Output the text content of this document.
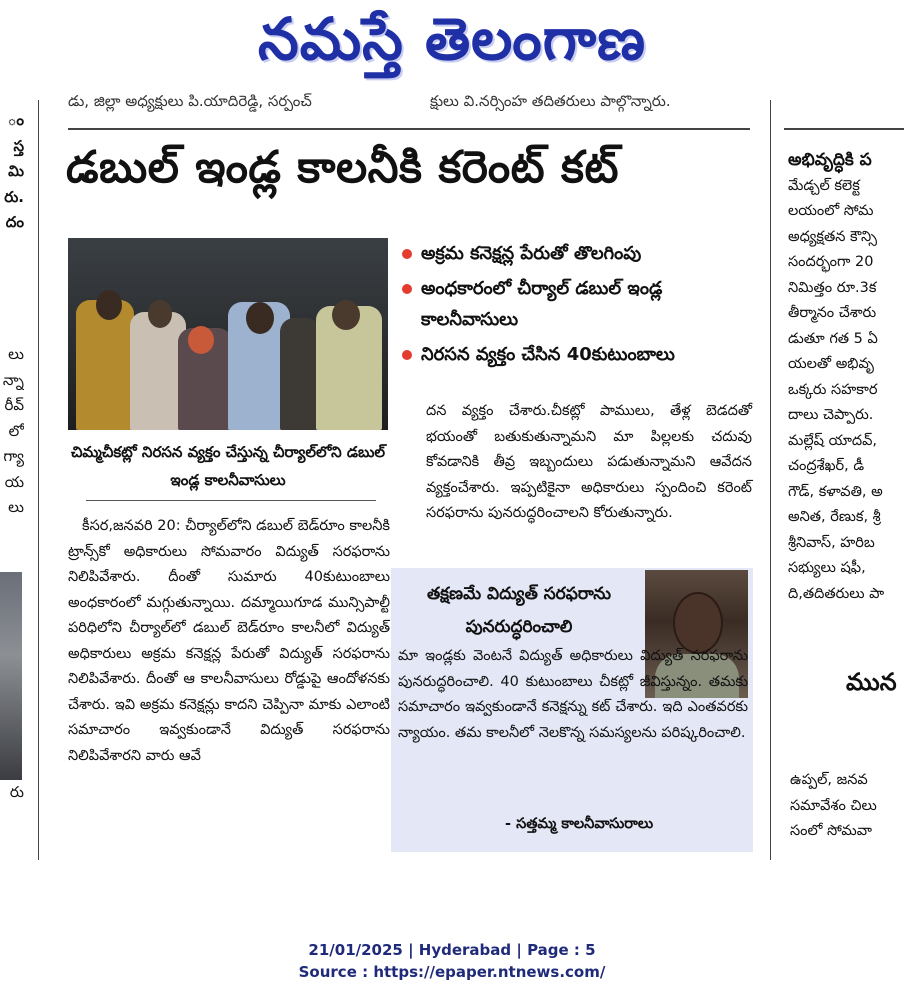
నమస్తే తెలంగాణ
డు, జిల్లా అధ్యక్షులు పి.యాదిరెడ్డి, సర్పంచ్	క్షులు వి.నర్సింహ తదితరులు పాల్గొన్నారు.
డబుల్‌ ఇండ్ల కాలనీకి కరెంట్‌ కట్‌
చిమ్మచీకట్లో నిరసన వ్యక్తం చేస్తున్న చీర్యాల్‌లోని డబుల్‌ ఇండ్ల కాలనీవాసులు
అక్రమ కనెక్షన్ల పేరుతో తొలగింపు
అంధకారంలో చీర్యాల్‌ డబుల్‌ ఇండ్ల కాలనీవాసులు
నిరసన వ్యక్తం చేసిన 40కుటుంబాలు

కీసర,జనవరి 20: చీర్యాల్‌లోని డబుల్‌ బెడ్‌రూం కాలనీకి ట్రాన్స్‌కో అధికారులు సోమవారం విద్యుత్‌ సరఫరాను నిలిపివేశారు. దీంతో సుమారు 40కుటుంబాలు అంధకారంలో మగ్గుతున్నాయి. దమ్మాయిగూడ మున్సిపాల్టీ పరిధిలోని చీర్యాల్‌లో డబుల్‌ బెడ్‌రూం కాలనీలో విద్యుత్‌ అధికారులు అక్రమ కనెక్షన్ల పేరుతో విద్యుత్‌ సరఫరాను నిలిపివేశారు. దీంతో ఆ కాలనీవాసులు రోడ్డుపై ఆందోళనకు చేశారు. ఇవి అక్రమ కనెక్షన్లు కాదని చెప్పినా మాకు ఎలాంటి సమాచారం ఇవ్వకుండానే విద్యుత్‌ సరఫరాను నిలిపివేశారని వారు ఆవే

దన వ్యక్తం చేశారు.చీకట్లో పాములు, తేళ్ల బెడదతో భయంతో బతుకుతున్నామని మా పిల్లలకు చదువు కోవడానికి తీవ్ర ఇబ్బందులు పడుతున్నామని ఆవేదన వ్యక్తంచేశారు. ఇప్పటికైనా అధికారులు స్పందించి కరెంట్‌ సరఫరాను పునరుద్ధరించాలని కోరుతున్నారు.

తక్షణమే విద్యుత్‌ సరఫరాను పునరుద్ధరించాలి
మా ఇండ్లకు వెంటనే విద్యుత్‌ అధికారులు విద్యుత్‌ సరఫరాను పునరుద్ధరించాలి. 40 కుటుంబాలు చీకట్లో జీవిస్తున్నం. తమకు సమాచారం ఇవ్వకుండానే కనెక్షన్ను కట్‌ చేశారు. ఇది ఎంతవరకు న్యాయం. తమ కాలనీలో నెలకొన్న సమస్యలను పరిష్కరించాలి.
- సత్తమ్మ కాలనీవాసురాలు
అభివృద్ధికి ప
మేడ్చల్‌ కలెక్ట
లయంలో సోమ
అధ్యక్షతన కౌన్సి
సందర్భంగా 20
నిమిత్తం రూ.3క
తీర్మానం చేశారు
డుతూ గత 5 ఏ
యలతో అభివృ
ఒక్కరు సహకార
దాలు చెప్పారు.
మల్లేష్‌ యాదవ్‌,
చంద్రశేఖర్‌, డీ
గౌడ్‌, కళావతి, అ
అనిత, రేణుక, శ్రీ
శ్రీనివాస్‌, హరిబ
సభ్యులు షఫీ,
ది,తదితరులు పా
మున
ఉప్పల్‌, జనవ
సమావేశం చిలు
సంలో సోమవా
ం
స్త
మి
రు.
దం
లు
న్నా
రీవ్
లో
గ్యా
య
లు
రు
21/01/2025 | Hyderabad | Page : 5
Source : https://epaper.ntnews.com/
